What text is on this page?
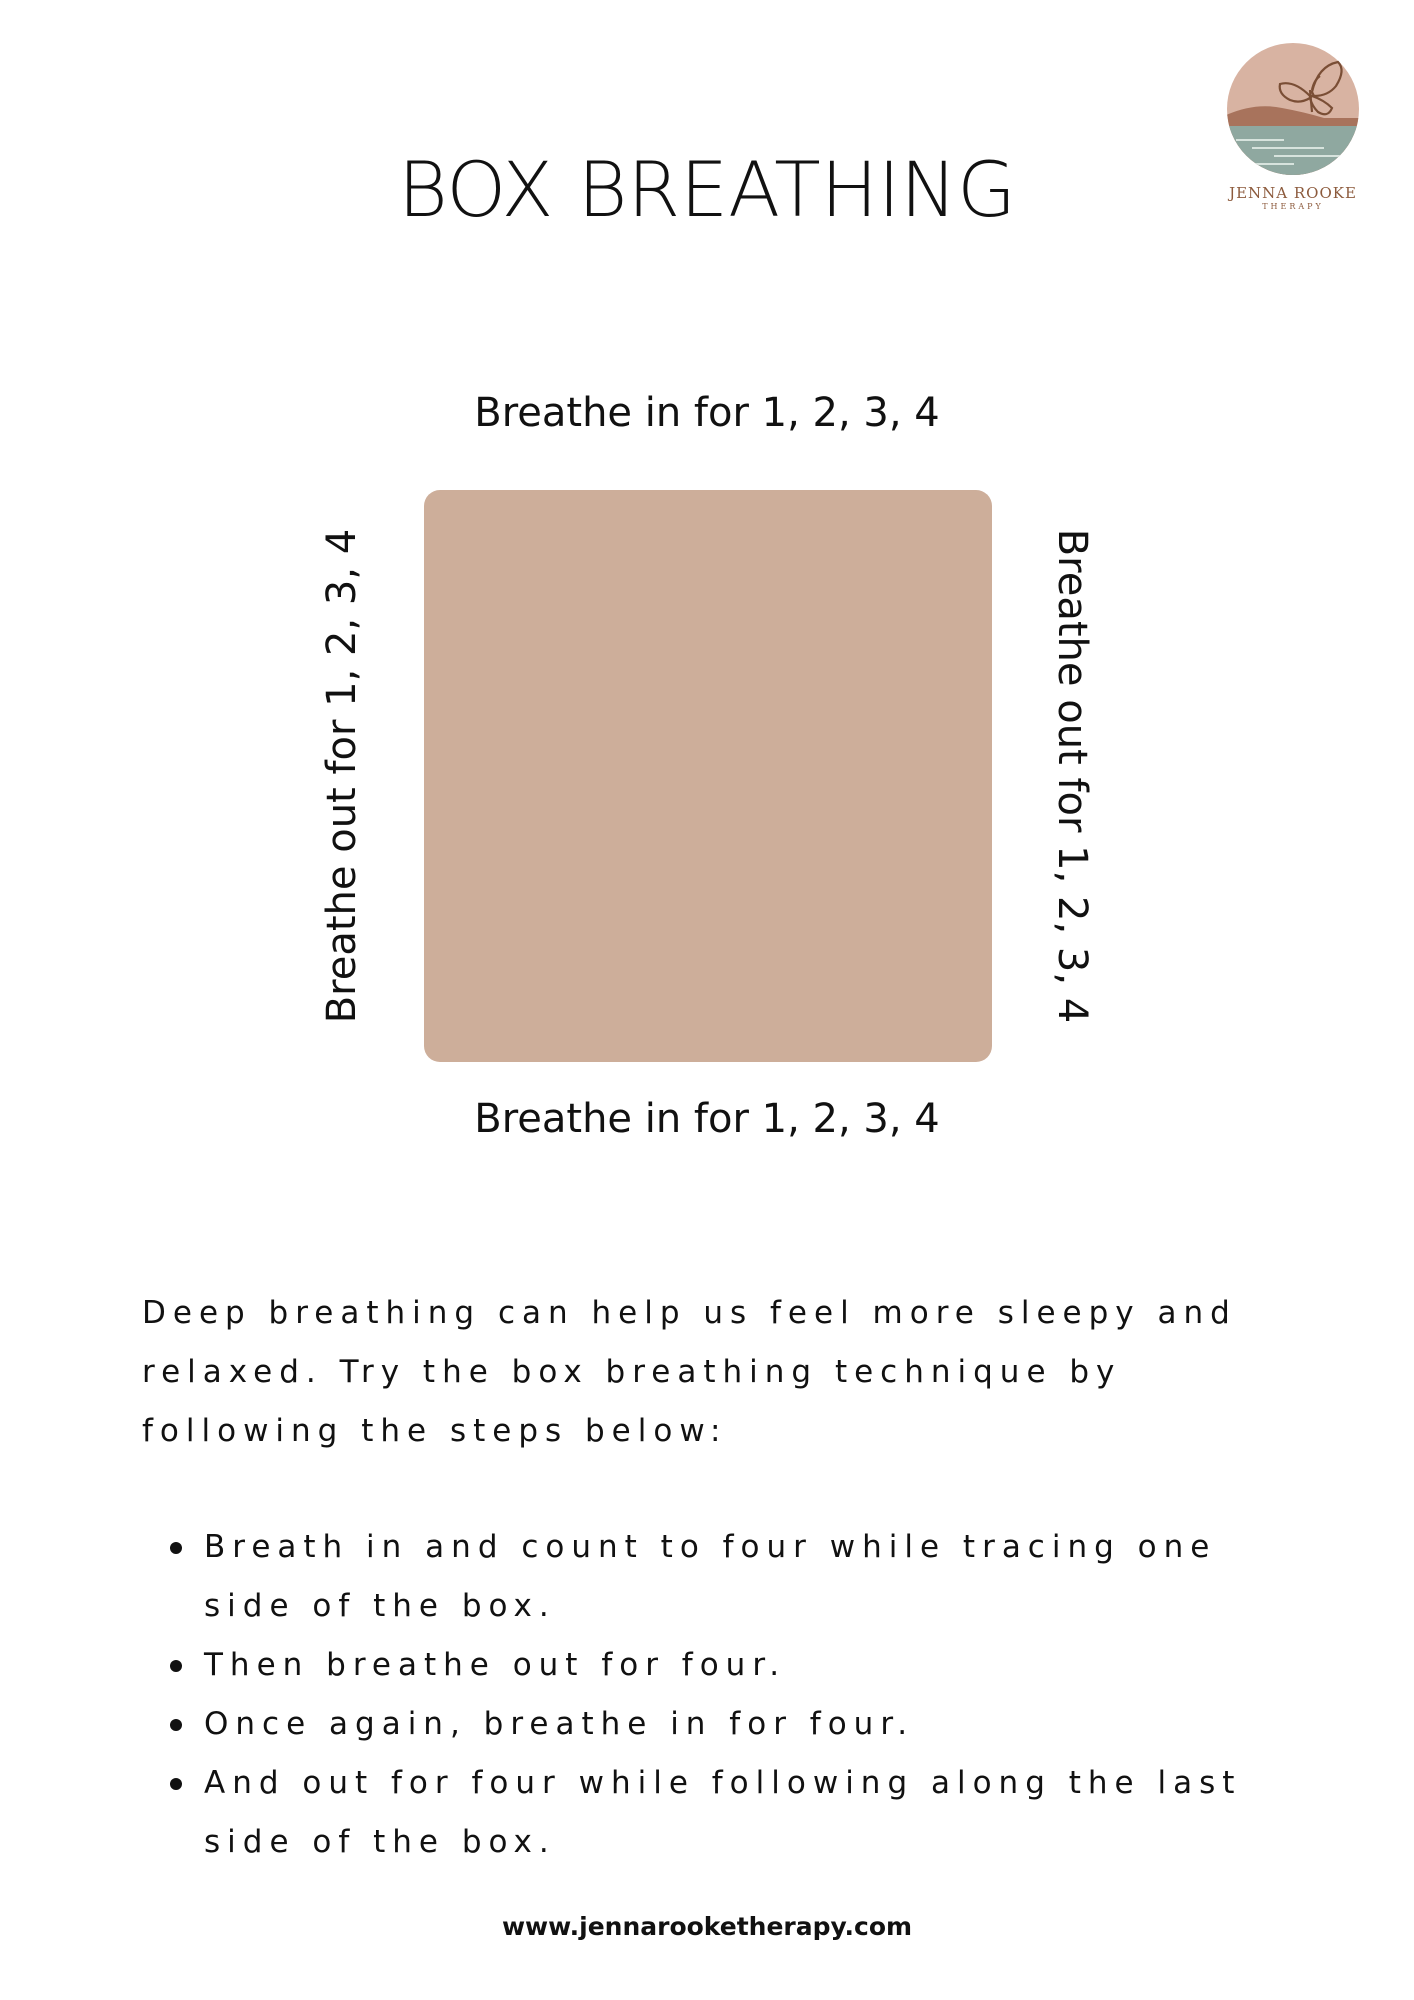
BOX BREATHING	JENNA ROOKE
THERAPY
Breathe in for 1, 2, 3, 4
Breathe out for 1, 2, 3, 4	Breathe out for 1, 2, 3, 4
Breathe in for 1, 2, 3, 4
Deep breathing can help us feel more sleepy and relaxed. Try the box breathing technique by following the steps below:
Breath in and count to four while tracing one side of the box.
Then breathe out for four.
Once again, breathe in for four.
And out for four while following along the last side of the box.
www.jennarooketherapy.com
